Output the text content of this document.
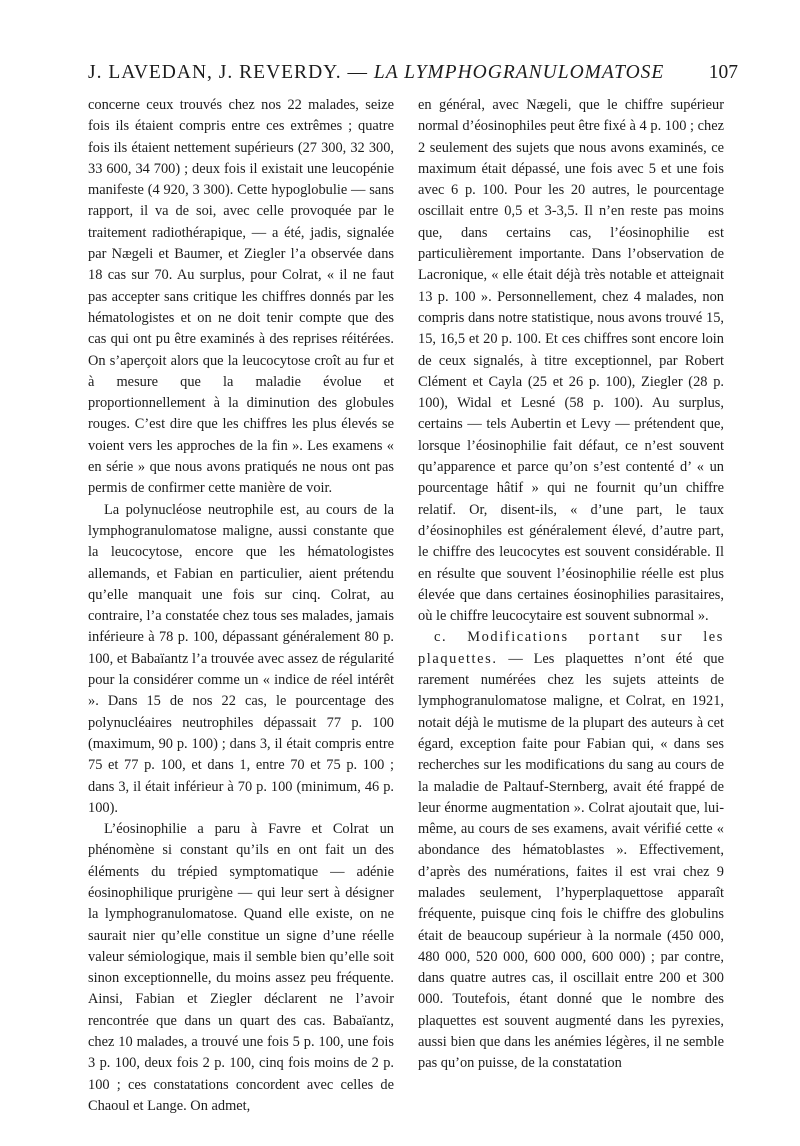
J. LAVEDAN, J. REVERDY. — LA LYMPHOGRANULOMATOSE 107

concerne ceux trouvés chez nos 22 malades, seize fois ils étaient compris entre ces extrêmes ; quatre fois ils étaient nettement supérieurs (27 300, 32 300, 33 600, 34 700) ; deux fois il existait une leucopénie manifeste (4 920, 3 300). Cette hypoglobulie — sans rapport, il va de soi, avec celle provoquée par le traitement radiothérapique, — a été, jadis, signalée par Nægeli et Baumer, et Ziegler l’a observée dans 18 cas sur 70. Au surplus, pour Colrat, « il ne faut pas accepter sans critique les chiffres donnés par les hématologistes et on ne doit tenir compte que des cas qui ont pu être examinés à des reprises réitérées. On s’aperçoit alors que la leucocytose croît au fur et à mesure que la maladie évolue et proportionnellement à la diminution des globules rouges. C’est dire que les chiffres les plus élevés se voient vers les approches de la fin ». Les examens « en série » que nous avons pratiqués ne nous ont pas permis de confirmer cette manière de voir.

La polynucléose neutrophile est, au cours de la lymphogranulomatose maligne, aussi constante que la leucocytose, encore que les hématologistes allemands, et Fabian en particulier, aient prétendu qu’elle manquait une fois sur cinq. Colrat, au contraire, l’a constatée chez tous ses malades, jamais inférieure à 78 p. 100, dépassant généralement 80 p. 100, et Babaïantz l’a trouvée avec assez de régularité pour la considérer comme un « indice de réel intérêt ». Dans 15 de nos 22 cas, le pourcentage des polynucléaires neutrophiles dépassait 77 p. 100 (maximum, 90 p. 100) ; dans 3, il était compris entre 75 et 77 p. 100, et dans 1, entre 70 et 75 p. 100 ; dans 3, il était inférieur à 70 p. 100 (minimum, 46 p. 100).

L’éosinophilie a paru à Favre et Colrat un phénomène si constant qu’ils en ont fait un des éléments du trépied symptomatique — adénie éosinophilique prurigène — qui leur sert à désigner la lymphogranulomatose. Quand elle existe, on ne saurait nier qu’elle constitue un signe d’une réelle valeur sémiologique, mais il semble bien qu’elle soit sinon exceptionnelle, du moins assez peu fréquente. Ainsi, Fabian et Ziegler déclarent ne l’avoir rencontrée que dans un quart des cas. Babaïantz, chez 10 malades, a trouvé une fois 5 p. 100, une fois 3 p. 100, deux fois 2 p. 100, cinq fois moins de 2 p. 100 ; ces constatations concordent avec celles de Chaoul et Lange. On admet,

en général, avec Nægeli, que le chiffre supérieur normal d’éosinophiles peut être fixé à 4 p. 100 ; chez 2 seulement des sujets que nous avons examinés, ce maximum était dépassé, une fois avec 5 et une fois avec 6 p. 100. Pour les 20 autres, le pourcentage oscillait entre 0,5 et 3-3,5. Il n’en reste pas moins que, dans certains cas, l’éosinophilie est particulièrement importante. Dans l’observation de Lacronique, « elle était déjà très notable et atteignait 13 p. 100 ». Personnellement, chez 4 malades, non compris dans notre statistique, nous avons trouvé 15, 15, 16,5 et 20 p. 100. Et ces chiffres sont encore loin de ceux signalés, à titre exceptionnel, par Robert Clément et Cayla (25 et 26 p. 100), Ziegler (28 p. 100), Widal et Lesné (58 p. 100). Au surplus, certains — tels Aubertin et Levy — prétendent que, lorsque l’éosinophilie fait défaut, ce n’est souvent qu’apparence et parce qu’on s’est contenté d’ « un pourcentage hâtif » qui ne fournit qu’un chiffre relatif. Or, disent-ils, « d’une part, le taux d’éosinophiles est généralement élevé, d’autre part, le chiffre des leucocytes est souvent considérable. Il en résulte que souvent l’éosinophilie réelle est plus élevée que dans certaines éosinophilies parasitaires, où le chiffre leucocytaire est souvent subnormal ».

c. Modifications portant sur les plaquettes. — Les plaquettes n’ont été que rarement numérées chez les sujets atteints de lymphogranulomatose maligne, et Colrat, en 1921, notait déjà le mutisme de la plupart des auteurs à cet égard, exception faite pour Fabian qui, « dans ses recherches sur les modifications du sang au cours de la maladie de Paltauf-Sternberg, avait été frappé de leur énorme augmentation ». Colrat ajoutait que, lui-même, au cours de ses examens, avait vérifié cette « abondance des hématoblastes ». Effectivement, d’après des numérations, faites il est vrai chez 9 malades seulement, l’hyperplaquettose apparaît fréquente, puisque cinq fois le chiffre des globulins était de beaucoup supérieur à la normale (450 000, 480 000, 520 000, 600 000, 600 000) ; par contre, dans quatre autres cas, il oscillait entre 200 et 300 000. Toutefois, étant donné que le nombre des plaquettes est souvent augmenté dans les pyrexies, aussi bien que dans les anémies légères, il ne semble pas qu’on puisse, de la constatation
